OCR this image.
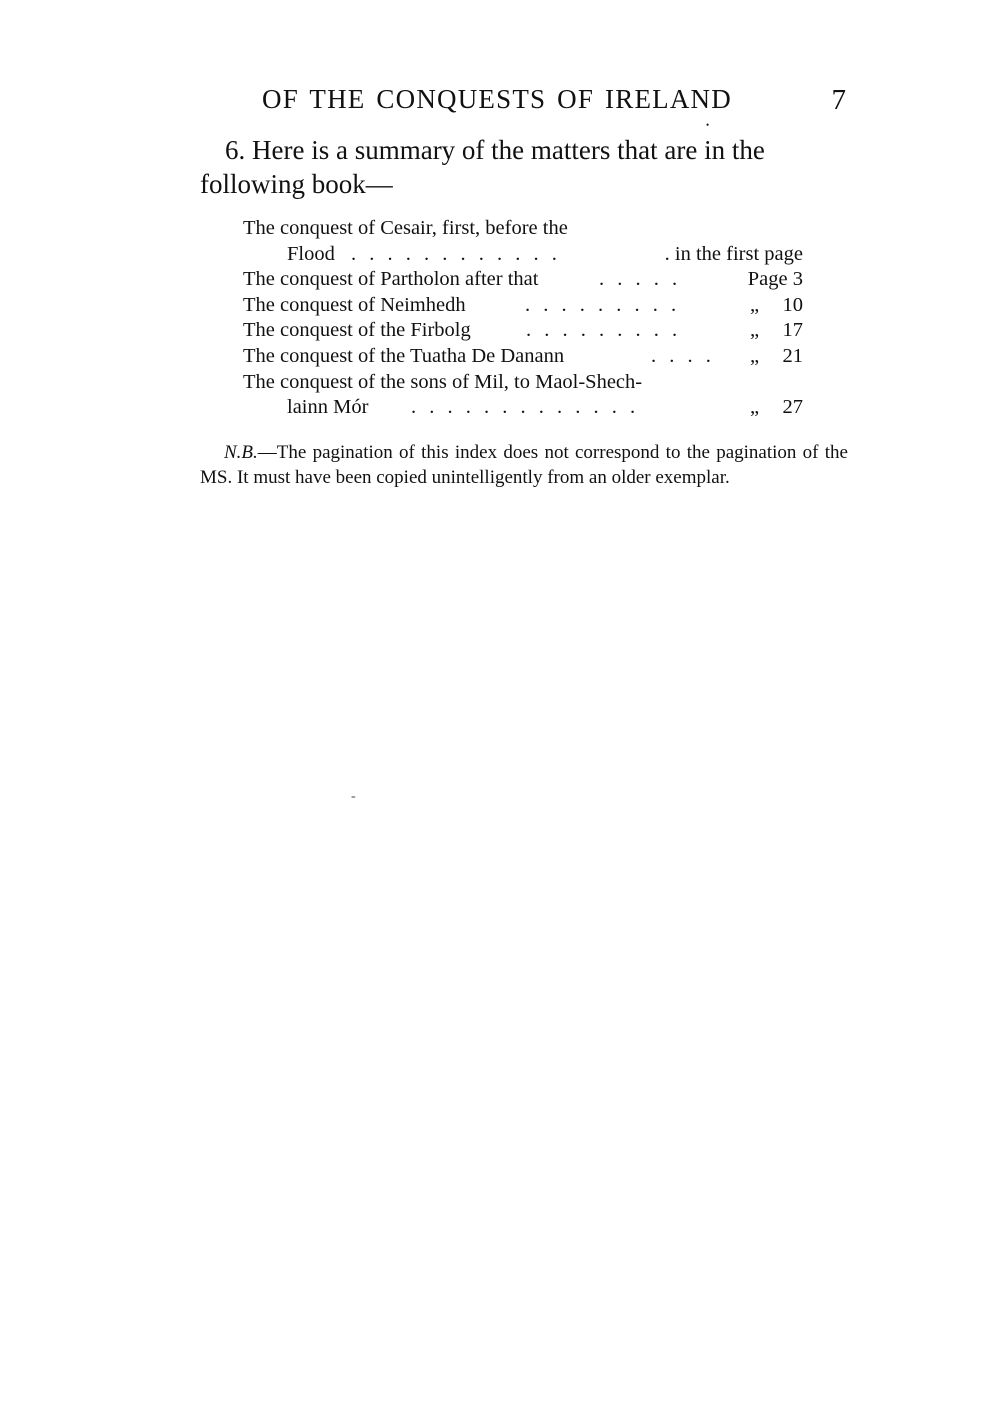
OF THE CONQUESTS OF IRELAND
•
7
6. Here is a summary of the matters that are in the
following book—
The conquest of Cesair, first, before the
Flood . . . . . . . . . . . .	. in the first page
The conquest of Partholon after that	. . . . .	Page 3
The conquest of Neimhedh	. . . . . . . . .	„ 10
The conquest of the Firbolg	. . . . . . . . .	„ 17
The conquest of the Tuatha De Danann	. . . . „ 21
The conquest of the sons of Mil, to Maol-Shech-
lainn Mór . . . . . . . . . . . . .	„ 27
N.B.—The pagination of this index does not correspond to the pagination of the MS. It must have been copied unintelligently from an older exemplar.
-
